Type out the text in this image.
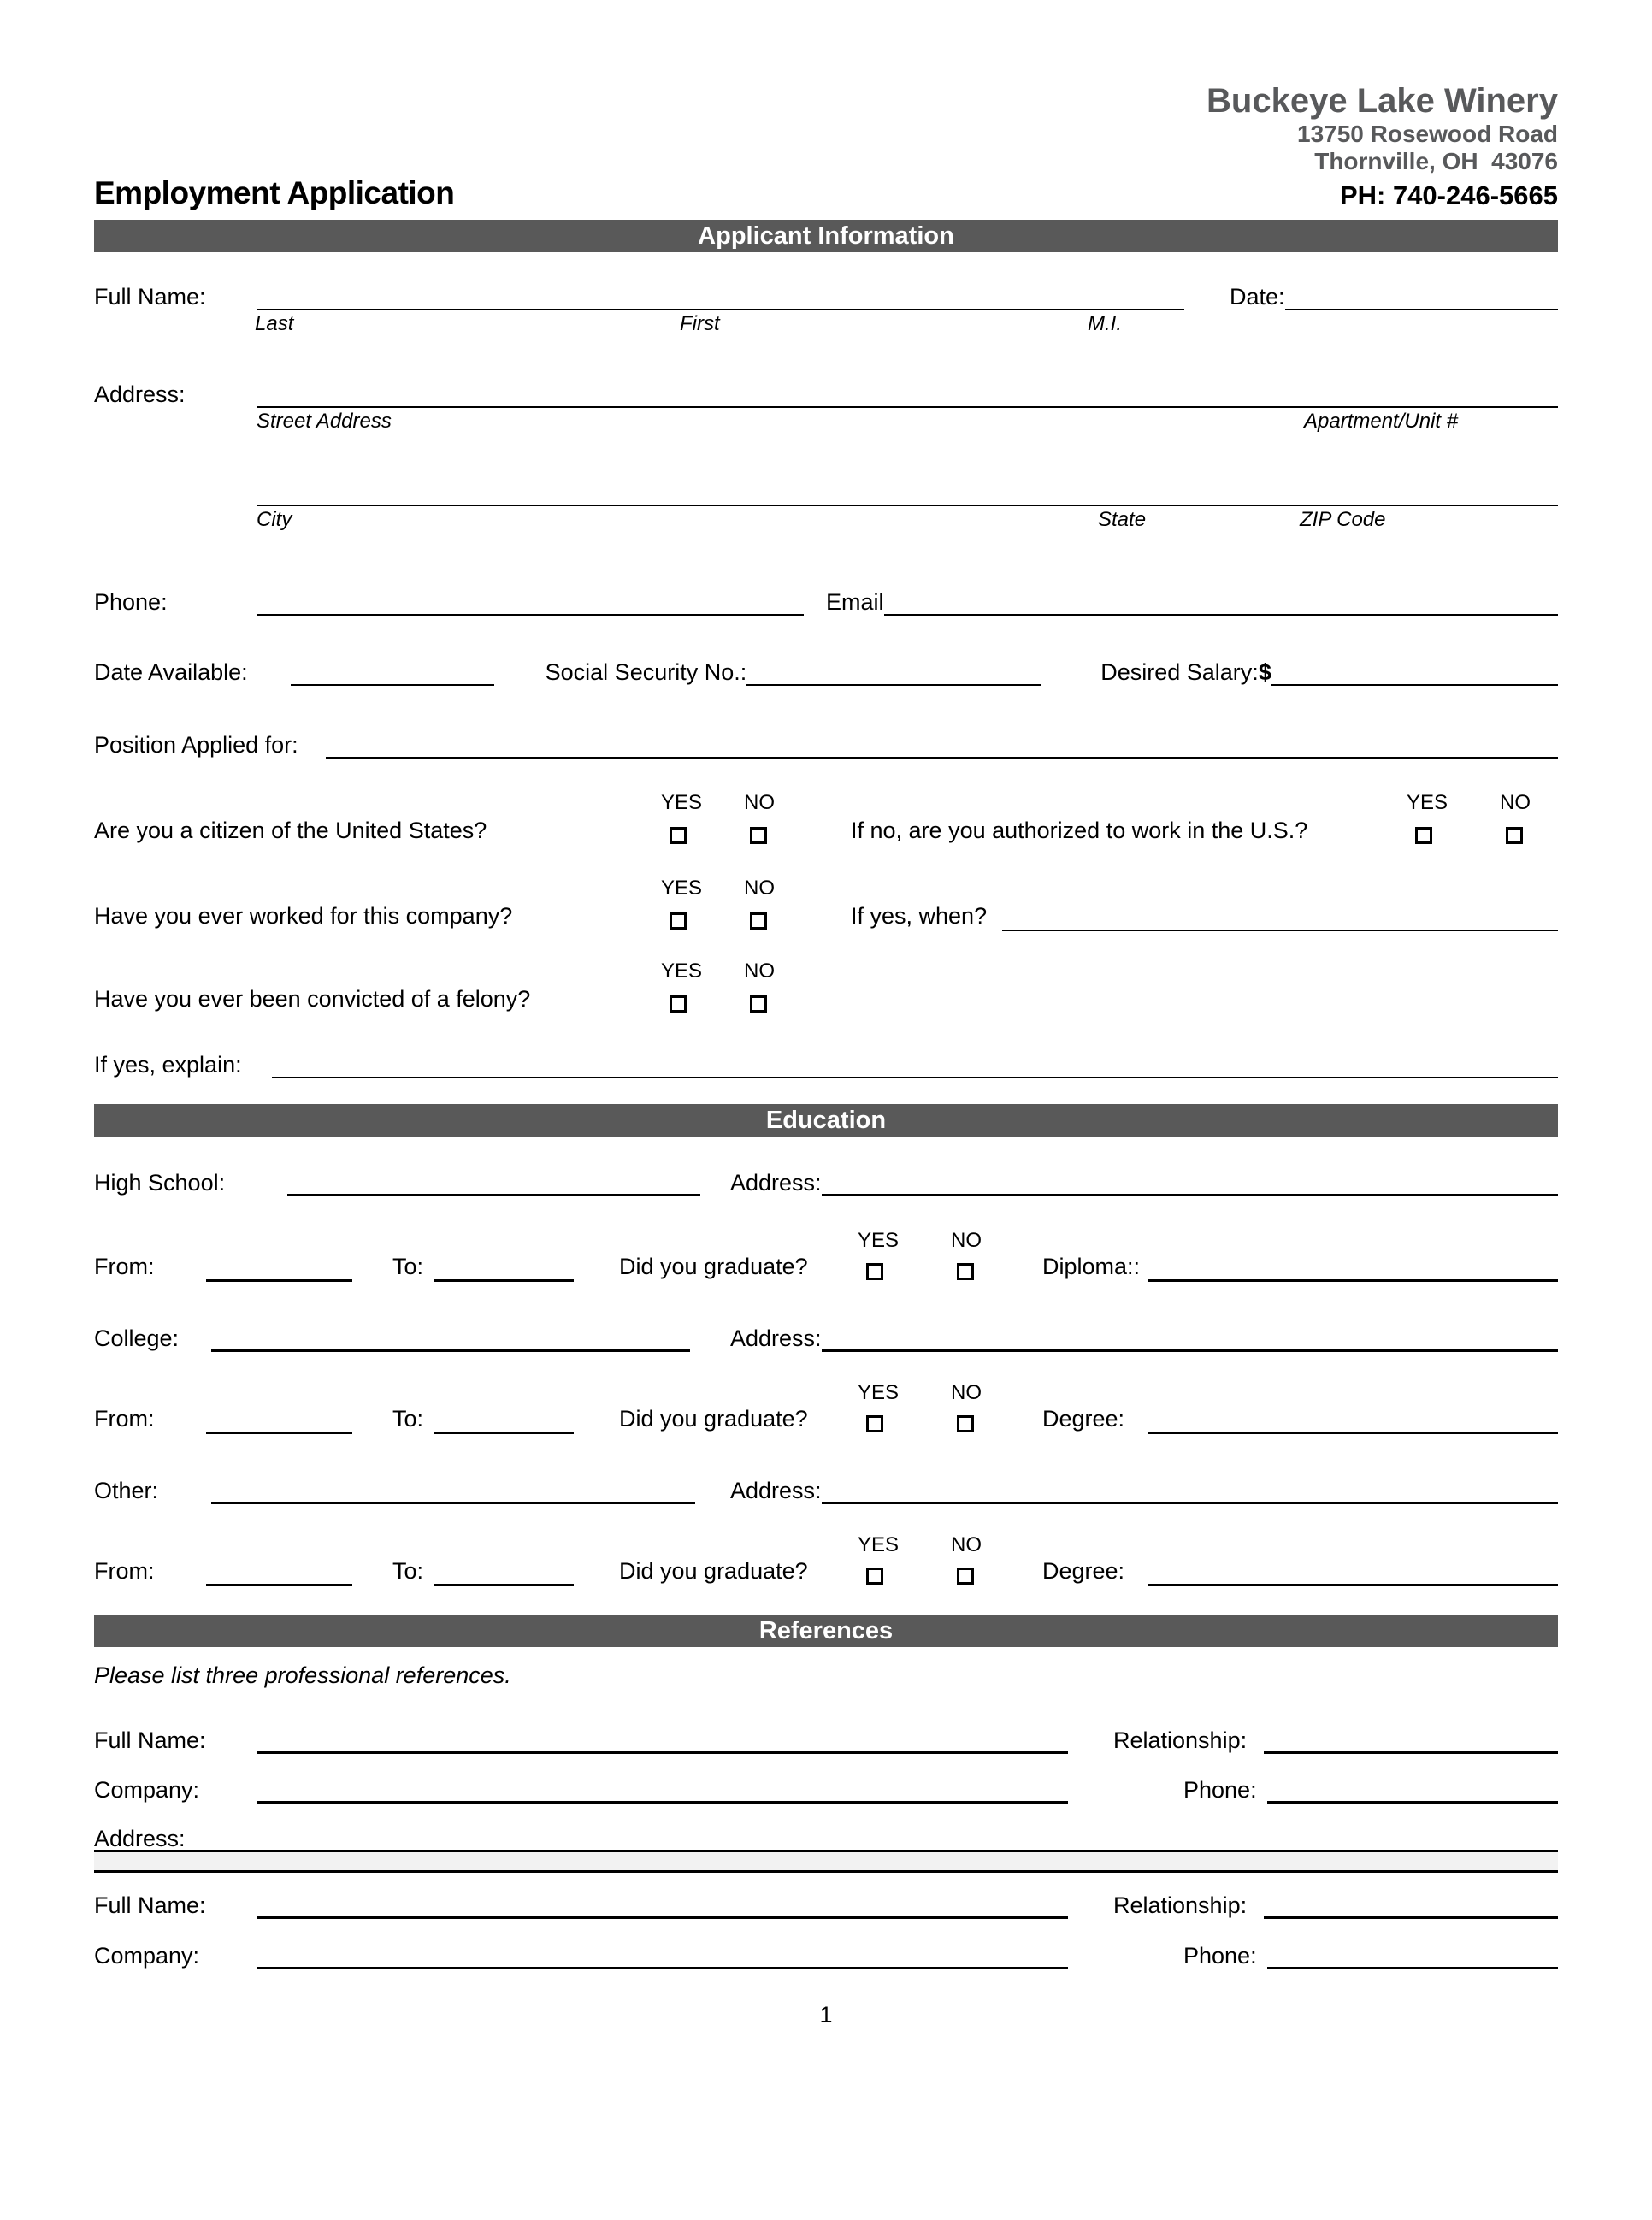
Employment Application
Buckeye Lake Winery
13750 Rosewood Road
Thornville, OH  43076
PH: 740-246-5665
Applicant Information
Full Name:	Date:
Last	First	M.I.
Address:
Street Address	Apartment/Unit #
City	State	ZIP Code
Phone:	Email
Date Available:	Social Security No.:	Desired Salary: $
Position Applied for:
YES NO	YES	NO
Are you a citizen of the United States?	If no, are you authorized to work in the U.S.?
YES NO
Have you ever worked for this company?	If yes, when?
YES NO
Have you ever been convicted of a felony?
If yes, explain:
Education
High School:	Address:
YES	NO
From:	To:	Did you graduate?	Diploma::
College:	Address:
YES	NO
From:	To:	Did you graduate?	Degree:
Other:	Address:
YES	NO
From:	To:	Did you graduate?	Degree:
References
Please list three professional references.
Full Name:	Relationship:
Company:	Phone:
Address:
Full Name:	Relationship:
Company:	Phone:
1
